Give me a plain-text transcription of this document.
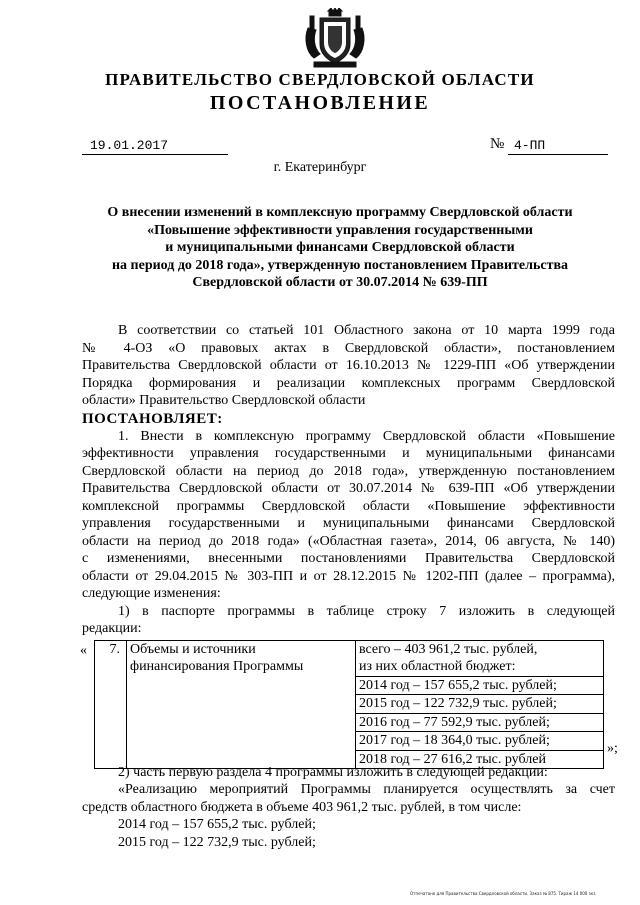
ПРАВИТЕЛЬСТВО СВЕРДЛОВСКОЙ ОБЛАСТИ
ПОСТАНОВЛЕНИЕ
19.01.2017	№ 4-ПП
г. Екатеринбург
О внесении изменений в комплексную программу Свердловской области
«Повышение эффективности управления государственными
и муниципальными финансами Свердловской области
на период до 2018 года», утвержденную постановлением Правительства
Свердловской области от 30.07.2014 № 639-ПП
В соответствии со статьей 101 Областного закона от 10 марта 1999 года
№ 4-ОЗ «О правовых актах в Свердловской области», постановлением
Правительства Свердловской области от 16.10.2013 № 1229-ПП «Об утверждении
Порядка формирования и реализации комплексных программ Свердловской
области» Правительство Свердловской области
ПОСТАНОВЛЯЕТ:
1. Внести в комплексную программу Свердловской области «Повышение
эффективности управления государственными и муниципальными финансами
Свердловской области на период до 2018 года», утвержденную постановлением
Правительства Свердловской области от 30.07.2014 № 639-ПП «Об утверждении
комплексной программы Свердловской области «Повышение эффективности
управления государственными и муниципальными финансами Свердловской
области на период до 2018 года» («Областная газета», 2014, 06 августа, № 140)
с изменениями, внесенными постановлениями Правительства Свердловской
области от 29.04.2015 № 303-ПП и от 28.12.2015 № 1202-ПП (далее – программа),
следующие изменения:
1) в паспорте программы в таблице строку 7 изложить в следующей
редакции:
« 7.	Объемы и источники финансирования Программы	
всего – 403 961,2 тыс. рублей,
из них областной бюджет:
2014 год – 157 655,2 тыс. рублей;
2015 год – 122 732,9 тыс. рублей;
2016 год – 77 592,9 тыс. рублей;
2017 год – 18 364,0 тыс. рублей;
2018 год – 27 616,2 тыс. рублей
»;
2) часть первую раздела 4 программы изложить в следующей редакции:
«Реализацию мероприятий Программы планируется осуществлять за счет
средств областного бюджета в объеме 403 961,2 тыс. рублей, в том числе:
2014 год – 157 655,2 тыс. рублей;
2015 год – 122 732,9 тыс. рублей;
Отпечатано для Правительства Свердловской области. Заказ № 875. Тираж 14 000 экз.
